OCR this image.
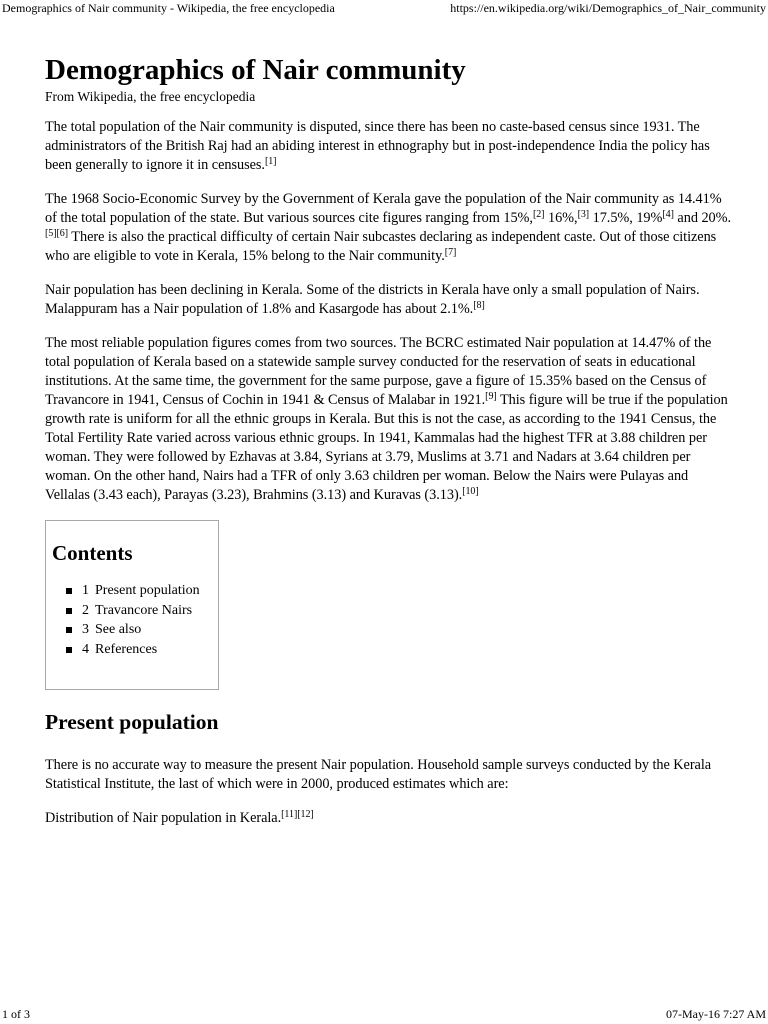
Demographics of Nair community - Wikipedia, the free encyclopedia	https://en.wikipedia.org/wiki/Demographics_of_Nair_community
Demographics of Nair community
From Wikipedia, the free encyclopedia

The total population of the Nair community is disputed, since there has been no caste-based census since 1931. The administrators of the British Raj had an abiding interest in ethnography but in post-independence India the policy has been generally to ignore it in censuses.[1]

The 1968 Socio-Economic Survey by the Government of Kerala gave the population of the Nair community as 14.41% of the total population of the state. But various sources cite figures ranging from 15%,[2] 16%,[3] 17.5%, 19%[4] and 20%.[5][6] There is also the practical difficulty of certain Nair subcastes declaring as independent caste. Out of those citizens who are eligible to vote in Kerala, 15% belong to the Nair community.[7]

Nair population has been declining in Kerala. Some of the districts in Kerala have only a small population of Nairs. Malappuram has a Nair population of 1.8% and Kasargode has about 2.1%.[8]

The most reliable population figures comes from two sources. The BCRC estimated Nair population at 14.47% of the total population of Kerala based on a statewide sample survey conducted for the reservation of seats in educational institutions. At the same time, the government for the same purpose, gave a figure of 15.35% based on the Census of Travancore in 1941, Census of Cochin in 1941 & Census of Malabar in 1921.[9] This figure will be true if the population growth rate is uniform for all the ethnic groups in Kerala. But this is not the case, as according to the 1941 Census, the Total Fertility Rate varied across various ethnic groups. In 1941, Kammalas had the highest TFR at 3.88 children per woman. They were followed by Ezhavas at 3.84, Syrians at 3.79, Muslims at 3.71 and Nadars at 3.64 children per woman. On the other hand, Nairs had a TFR of only 3.63 children per woman. Below the Nairs were Pulayas and Vellalas (3.43 each), Parayas (3.23), Brahmins (3.13) and Kuravas (3.13).[10]

Contents
1 Present population
2 Travancore Nairs
3 See also
4 References
Present population

There is no accurate way to measure the present Nair population. Household sample surveys conducted by the Kerala Statistical Institute, the last of which were in 2000, produced estimates which are:

Distribution of Nair population in Kerala.[11][12]

1 of 3	07-May-16 7:27 AM
